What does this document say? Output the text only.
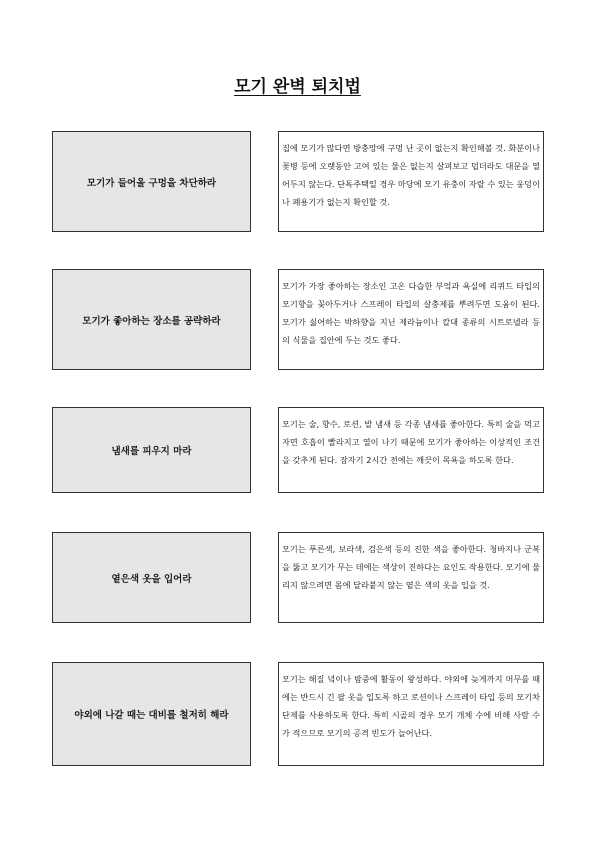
모기 완벽 퇴치법
모기가 들어올 구멍을 차단하라
집에 모기가 많다면 방충망에 구멍 난 곳이 없는지 확인해볼 것. 화분이나 꽃병 등에 오랫동안 고여 있는 물은 없는지 살펴보고 덥더라도 대문을 열어두지 않는다. 단독주택일 경우 마당에 모기 유충이 자랄 수 있는 웅덩이나 폐용기가 없는지 확인할 것.
모기가 좋아하는 장소를 공략하라
모기가 가장 좋아하는 장소인 고온 다습한 부엌과 욕실에 리퀴드 타입의 모기향을 꽂아두거나 스프레이 타입의 살충제를 뿌려두면 도움이 된다. 모기가 싫어하는 박하향을 지닌 제라늄이나 칼대 종류의 시트로넬라 등의 식물을 집안에 두는 것도 좋다.
냄새를 피우지 마라
모기는 술, 향수, 로션, 발 냄새 등 각종 냄새를 좋아한다. 특히 술을 먹고 자면 호흡이 빨라지고 열이 나기 때문에 모기가 좋아하는 이상적인 조건을 갖추게 된다. 잠자기 2시간 전에는 깨끗이 목욕을 하도록 한다.
옅은색 옷을 입어라
모기는 푸른색, 보라색, 검은색 등의 진한 색을 좋아한다. 청바지나 군복을 뚫고 모기가 무는 데에는 색상이 진하다는 요인도 작용한다. 모기에 물리지 않으려면 몸에 달라붙지 않는 옅은 색의 옷을 입을 것.
야외에 나갈 때는 대비를 철저히 해라
모기는 해질 녘이나 밤중에 활동이 왕성하다. 야외에 늦게까지 머무를 때에는 반드시 긴 팔 옷을 입도록 하고 로션이나 스프레이 타입 등의 모기차단제를 사용하도록 한다. 특히 시골의 경우 모기 개체 수에 비해 사람 수가 적으므로 모기의 공격 빈도가 늘어난다.
